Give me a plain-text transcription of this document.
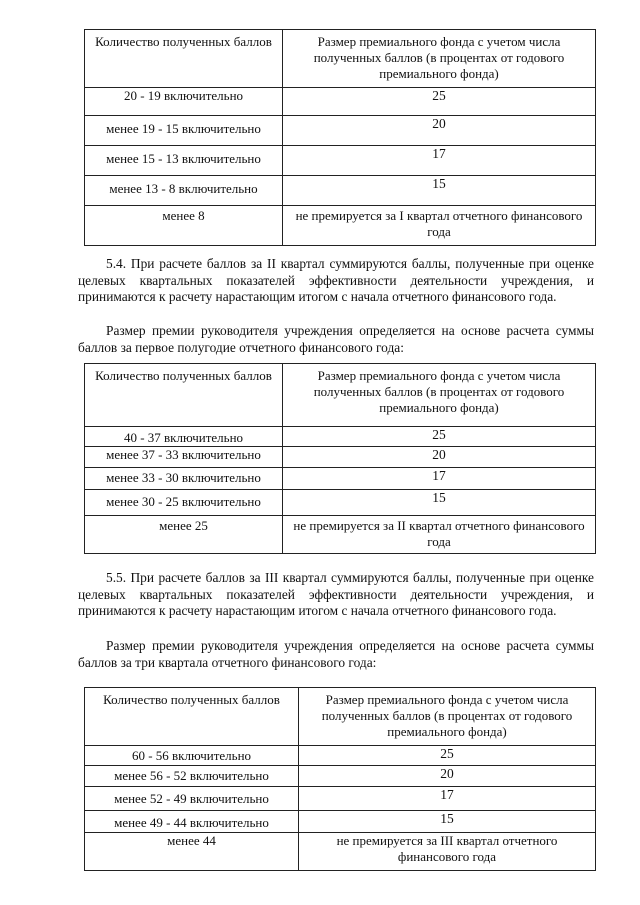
Количество полученных баллов	Размер премиального фонда с учетом числа полученных баллов (в процентах от годового премиального фонда)
20 - 19 включительно	25
менее 19 - 15 включительно	20
менее 15 - 13 включительно	17
менее 13 - 8 включительно	15
менее 8	не премируется за I квартал отчетного финансового года
5.4. При расчете баллов за II квартал суммируются баллы, полученные при оценке целевых квартальных показателей эффективности деятельности учреждения, и принимаются к расчету нарастающим итогом с начала отчетного финансового года.
Размер премии руководителя учреждения определяется на основе расчета суммы баллов за первое полугодие отчетного финансового года:
Количество полученных баллов	Размер премиального фонда с учетом числа полученных баллов (в процентах от годового премиального фонда)
40 - 37 включительно	25
менее 37 - 33 включительно	20
менее 33 - 30 включительно	17
менее 30 - 25 включительно	15
менее 25	не премируется за II квартал отчетного финансового года
5.5. При расчете баллов за III квартал суммируются баллы, полученные при оценке целевых квартальных показателей эффективности деятельности учреждения, и принимаются к расчету нарастающим итогом с начала отчетного финансового года.
Размер премии руководителя учреждения определяется на основе расчета суммы баллов за три квартала отчетного финансового года:
Количество полученных баллов	Размер премиального фонда с учетом числа полученных баллов (в процентах от годового премиального фонда)
60 - 56 включительно	25
менее 56 - 52 включительно	20
менее 52 - 49 включительно	17
менее 49 - 44 включительно	15
менее 44	не премируется за III квартал отчетного финансового года
